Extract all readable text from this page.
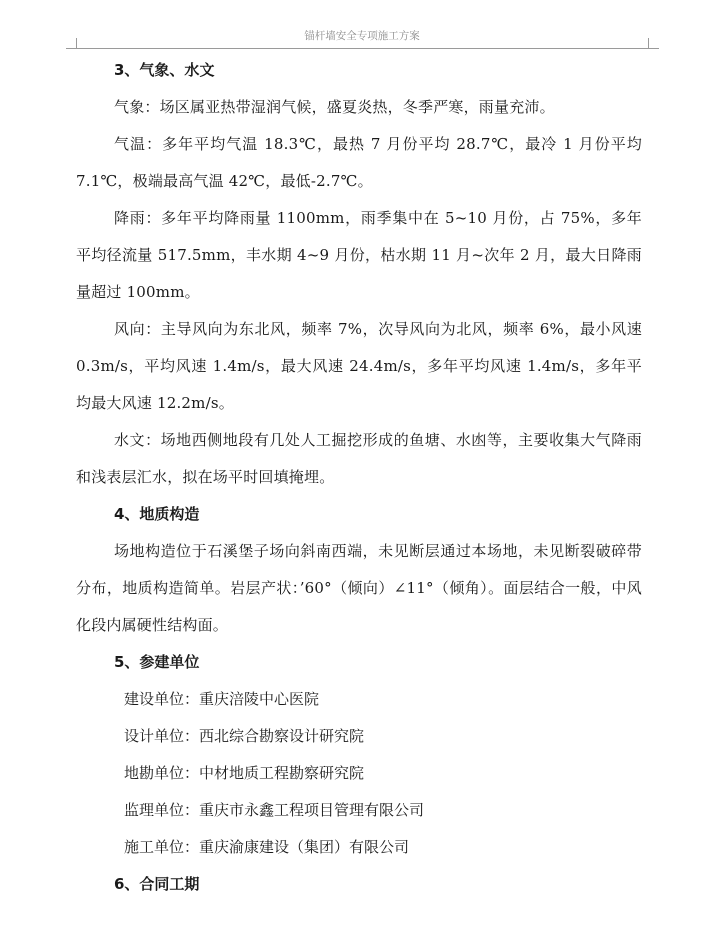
锚杆墙安全专项施工方案
3、气象、水文
气象：场区属亚热带湿润气候，盛夏炎热，冬季严寒，雨量充沛。
气温：多年平均气温 18.3℃，最热 7 月份平均 28.7℃，最冷 1 月份平均 7.1℃，极端最高气温 42℃，最低-2.7℃。
降雨：多年平均降雨量 1100mm，雨季集中在 5~10 月份，占 75%，多年平均径流量 517.5mm，丰水期 4~9 月份，枯水期 11 月~次年 2 月，最大日降雨量超过 100mm。
风向：主导风向为东北风，频率 7%，次导风向为北风，频率 6%，最小风速 0.3m/s，平均风速 1.4m/s，最大风速 24.4m/s，多年平均风速 1.4m/s，多年平均最大风速 12.2m/s。
水文：场地西侧地段有几处人工掘挖形成的鱼塘、水凼等，主要收集大气降雨和浅表层汇水，拟在场平时回填掩埋。
4、地质构造
场地构造位于石溪堡子场向斜南西端，未见断层通过本场地，未见断裂破碎带分布，地质构造简单。岩层产状：’60°（倾向）∠11°（倾角）。面层结合一般，中风化段内属硬性结构面。
5、参建单位
建设单位：重庆涪陵中心医院
设计单位：西北综合勘察设计研究院
地勘单位：中材地质工程勘察研究院
监理单位：重庆市永鑫工程项目管理有限公司
施工单位：重庆渝康建设（集团）有限公司
6、合同工期
